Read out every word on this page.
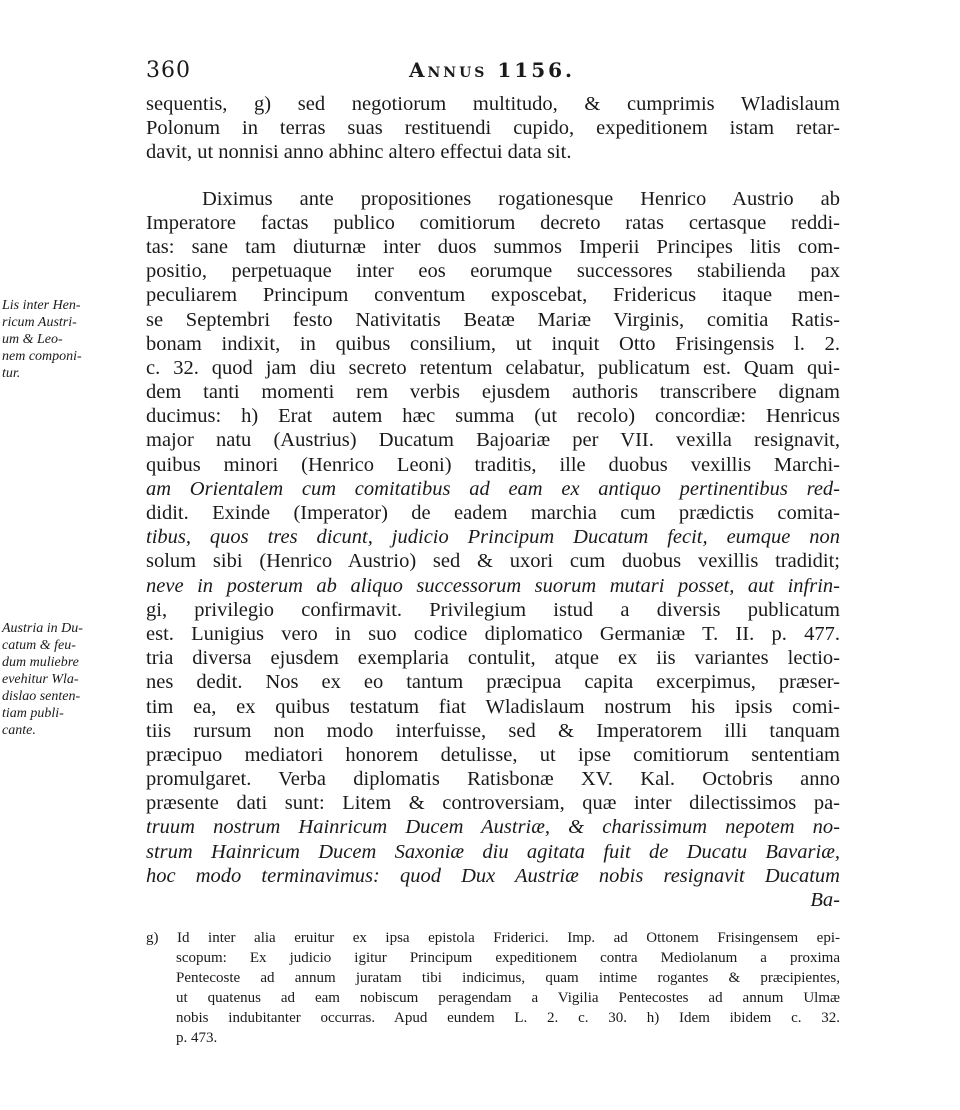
360	Annus 1156.
sequentis, g) sed negotiorum multitudo, & cumprimis Wladislaum
Polonum in terras suas restituendi cupido, expeditionem istam retar-
davit, ut nonnisi anno abhinc altero effectui data sit.
Diximus ante propositiones rogationesque Henrico Austrio ab
Imperatore factas publico comitiorum decreto ratas certasque reddi-
tas: sane tam diuturnæ inter duos summos Imperii Principes litis com-
positio, perpetuaque inter eos eorumque successores stabilienda pax
peculiarem Principum conventum exposcebat, Fridericus itaque men-
se Septembri festo Nativitatis Beatæ Mariæ Virginis, comitia Ratis-
bonam indixit, in quibus consilium, ut inquit Otto Frisingensis l. 2.
c. 32. quod jam diu secreto retentum celabatur, publicatum est. Quam qui-
dem tanti momenti rem verbis ejusdem authoris transcribere dignam
ducimus: h) Erat autem hæc summa (ut recolo) concordiæ: Henricus
major natu (Austrius) Ducatum Bajoariæ per VII. vexilla resignavit,
quibus minori (Henrico Leoni) traditis, ille duobus vexillis Marchi-
am Orientalem cum comitatibus ad eam ex antiquo pertinentibus red-
didit. Exinde (Imperator) de eadem marchia cum prædictis comita-
tibus, quos tres dicunt, judicio Principum Ducatum fecit, eumque non
solum sibi (Henrico Austrio) sed & uxori cum duobus vexillis tradidit;
neve in posterum ab aliquo successorum suorum mutari posset, aut infrin-
gi, privilegio confirmavit. Privilegium istud a diversis publicatum
est. Lunigius vero in suo codice diplomatico Germaniæ T. II. p. 477.
tria diversa ejusdem exemplaria contulit, atque ex iis variantes lectio-
nes dedit. Nos ex eo tantum præcipua capita excerpimus, præser-
tim ea, ex quibus testatum fiat Wladislaum nostrum his ipsis comi-
tiis rursum non modo interfuisse, sed & Imperatorem illi tanquam
præcipuo mediatori honorem detulisse, ut ipse comitiorum sententiam
promulgaret. Verba diplomatis Ratisbonæ XV. Kal. Octobris anno
præsente dati sunt: Litem & controversiam, quæ inter dilectissimos pa-
truum nostrum Hainricum Ducem Austriæ, & charissimum nepotem no-
strum Hainricum Ducem Saxoniæ diu agitata fuit de Ducatu Bavariæ,
hoc modo terminavimus: quod Dux Austriæ nobis resignavit Ducatum
Ba-
Lis inter Hen-
ricum Austri-
um & Leo-
nem componi-
tur.
Austria in Du-
catum & feu-
dum muliebre
evehitur Wla-
dislao senten-
tiam publi-
cante.
g) Id inter alia eruitur ex ipsa epistola Friderici. Imp. ad Ottonem Frisingensem epi-
scopum: Ex judicio igitur Principum expeditionem contra Mediolanum a proxima
Pentecoste ad annum juratam tibi indicimus, quam intime rogantes & præcipientes,
ut quatenus ad eam nobiscum peragendam a Vigilia Pentecostes ad annum Ulmæ
nobis indubitanter occurras. Apud eundem L. 2. c. 30. h) Idem ibidem c. 32.
p. 473.
